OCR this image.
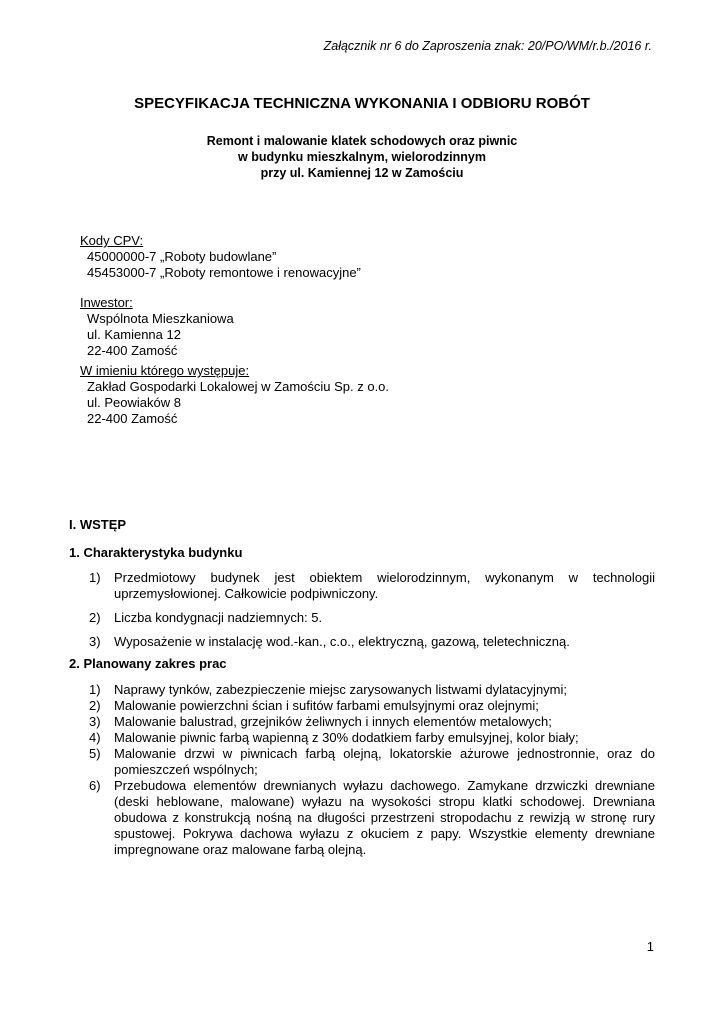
Załącznik nr 6 do Zaproszenia znak: 20/PO/WM/r.b./2016 r.
SPECYFIKACJA TECHNICZNA WYKONANIA I ODBIORU ROBÓT
Remont i malowanie klatek schodowych oraz piwnic
w budynku mieszkalnym, wielorodzinnym
przy ul. Kamiennej 12 w Zamościu
Kody CPV:
45000000-7 „Roboty budowlane”
45453000-7 „Roboty remontowe i renowacyjne”
Inwestor:
Wspólnota Mieszkaniowa
ul. Kamienna 12
22-400 Zamość
W imieniu którego występuje:
Zakład Gospodarki Lokalowej w Zamościu Sp. z o.o.
ul. Peowiaków 8
22-400 Zamość
I. WSTĘP
1. Charakterystyka budynku
1)	Przedmiotowy budynek jest obiektem wielorodzinnym, wykonanym w technologii uprzemysłowionej. Całkowicie podpiwniczony.
2)	Liczba kondygnacji nadziemnych: 5.
3)	Wyposażenie w instalację wod.-kan., c.o., elektryczną, gazową, teletechniczną.
2. Planowany zakres prac
1)	Naprawy tynków, zabezpieczenie miejsc zarysowanych listwami dylatacyjnymi;
2)	Malowanie powierzchni ścian i sufitów farbami emulsyjnymi oraz olejnymi;
3)	Malowanie balustrad, grzejników żeliwnych i innych elementów metalowych;
4)	Malowanie piwnic farbą wapienną z 30% dodatkiem farby emulsyjnej, kolor biały;
5)	Malowanie drzwi w piwnicach farbą olejną, lokatorskie ażurowe jednostronnie, oraz do pomieszczeń wspólnych;
6)	Przebudowa elementów drewnianych wyłazu dachowego. Zamykane drzwiczki drewniane (deski heblowane, malowane) wyłazu na wysokości stropu klatki schodowej. Drewniana obudowa z konstrukcją nośną na długości przestrzeni stropodachu z rewizją w stronę rury spustowej. Pokrywa dachowa wyłazu z okuciem z papy. Wszystkie elementy drewniane impregnowane oraz malowane farbą olejną.
1
